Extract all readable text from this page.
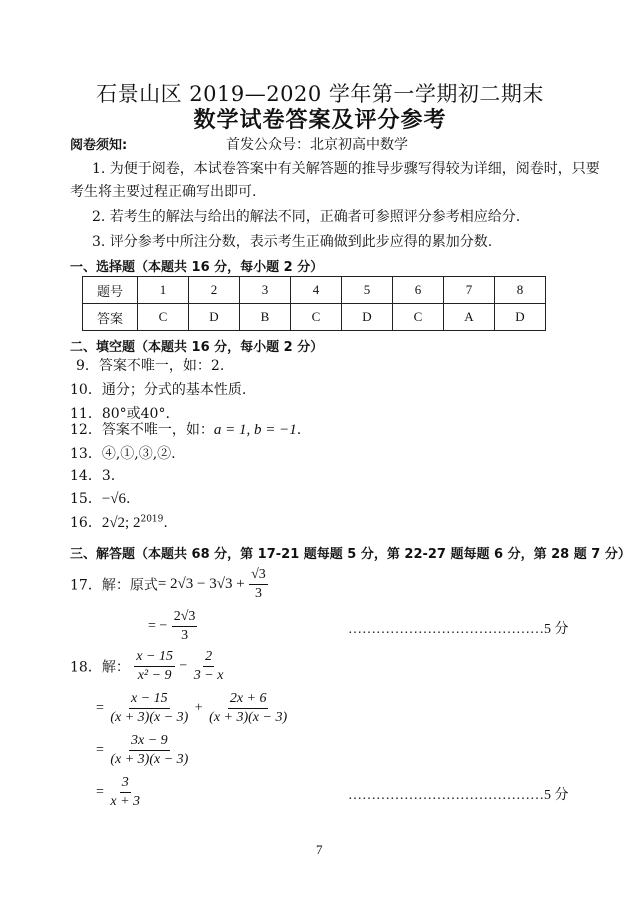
石景山区 2019—2020 学年第一学期初二期末
数学试卷答案及评分参考
阅卷须知:	首发公众号：北京初高中数学
1. 为便于阅卷，本试卷答案中有关解答题的推导步骤写得较为详细，阅卷时，只要
考生将主要过程正确写出即可.
2. 若考生的解法与给出的解法不同，正确者可参照评分参考相应给分.
3. 评分参考中所注分数，表示考生正确做到此步应得的累加分数.
一、选择题（本题共 16 分，每小题 2 分）
题号	1	2	3	4	5	6	7	8
答案	C	D	B	C	D	C	A	D
二、填空题（本题共 16 分，每小题 2 分）
9．答案不唯一，如：2.
10．通分；分式的基本性质.
11．80°或40°.
12．答案不唯一，如：a = 1, b = −1.
13．④,①,③,②.
14．3.
15．−√6.
16．2√2; $2^{2019}$.
三、解答题（本题共 68 分，第 17-21 题每题 5 分，第 22-27 题每题 6 分，第 28 题 7 分）
17．解：原式= $2√3 - 3√3 + \frac{√3}{3}$
= − $\frac{2√3}{3}$	……………………………………5 分
18．解： $\frac{x - 15}{\text{x² − 9}} - \frac{2}{3 - x}$
= $\frac{x - 15}{(x + 3)(x - 3)} + \frac{2x + 6}{(x + 3)(x - 3)}$
= $\frac{3x - 9}{(x + 3)(x - 3)}$
= $\frac{3}{x + 3}$	……………………………………5 分
7
